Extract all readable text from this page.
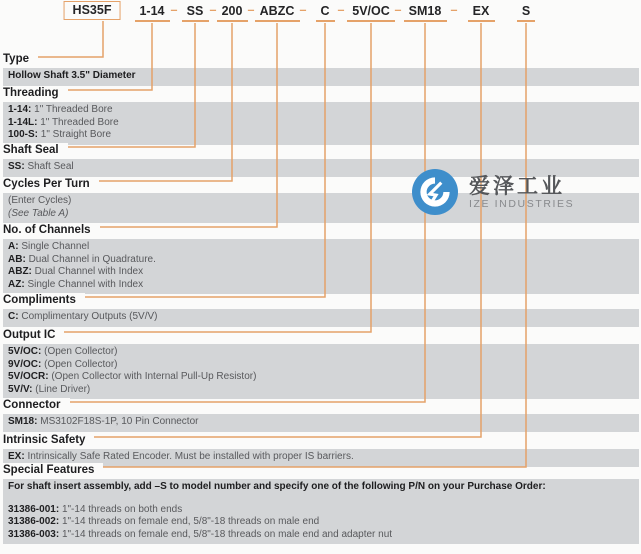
HS35F	1-14 SS 200 ABZC C 5V/OC SM18	EX	S
–	– –	– –	–	–
Type
Hollow Shaft 3.5" Diameter
Threading
1-14: 1" Threaded Bore
1-14L: 1" Threaded Bore
100-S: 1" Straight Bore
Shaft Seal
SS: Shaft Seal
Cycles Per Turn
(Enter Cycles)
(See Table A)
No. of Channels
A: Single Channel
AB: Dual Channel in Quadrature.
ABZ: Dual Channel with Index
AZ: Single Channel with Index
Compliments
C: Complimentary Outputs (5V/V)
Output IC
5V/OC: (Open Collector)
9V/OC: (Open Collector)
5V/OCR: (Open Collector with Internal Pull-Up Resistor)
5V/V: (Line Driver)
Connector
SM18: MS3102F18S-1P, 10 Pin Connector
Intrinsic Safety
EX: Intrinsically Safe Rated Encoder. Must be installed with proper IS barriers.
Special Features
For shaft insert assembly, add –S to model number and specify one of the following P/N on your Purchase Order:

31386-001: 1"-14 threads on both ends
31386-002: 1"-14 threads on female end, 5/8"-18 threads on male end
31386-003: 1"-14 threads on female end, 5/8"-18 threads on male end and adapter nut
爱泽工业
IZE INDUSTRIES
